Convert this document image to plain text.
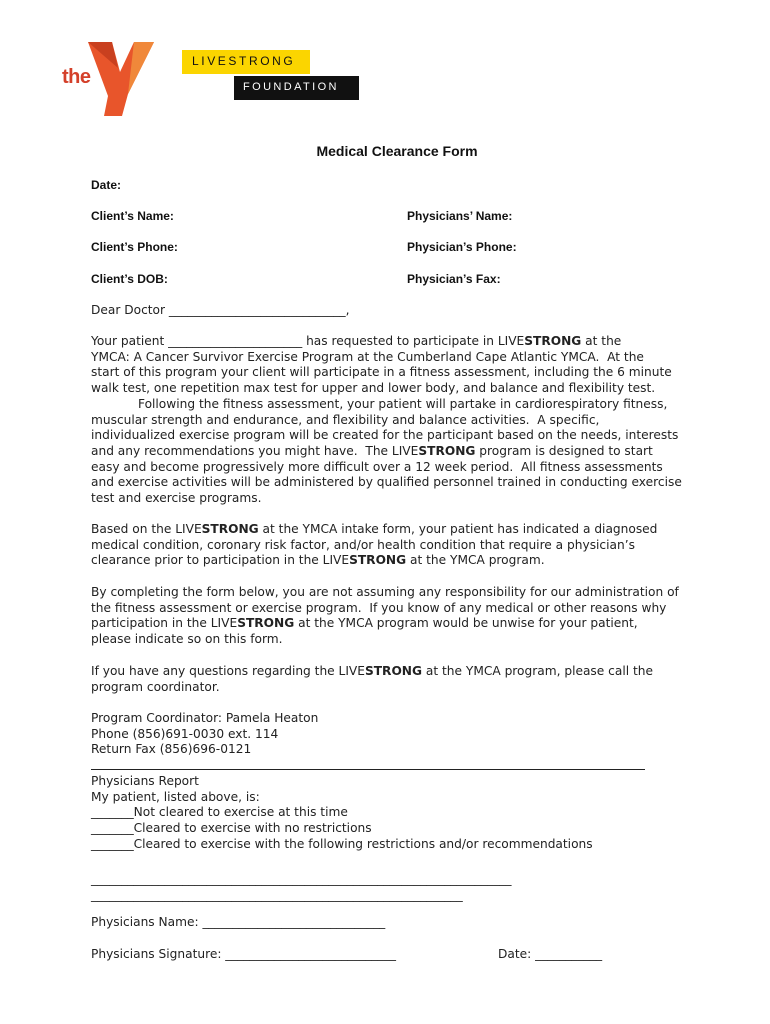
the
LIVESTRONG
FOUNDATION
Medical Clearance Form
Date:
Client’s Name:	Physicians’ Name:
Client’s Phone:	Physician’s Phone:
Client’s DOB:	Physician’s Fax:
Dear Doctor _____________________________,
Your patient ______________________ has requested to participate in LIVESTRONG at the
YMCA: A Cancer Survivor Exercise Program at the Cumberland Cape Atlantic YMCA.  At the
start of this program your client will participate in a fitness assessment, including the 6 minute
walk test, one repetition max test for upper and lower body, and balance and flexibility test.
Following the fitness assessment, your patient will partake in cardiorespiratory fitness,
muscular strength and endurance, and flexibility and balance activities.  A specific,
individualized exercise program will be created for the participant based on the needs, interests
and any recommendations you might have.  The LIVESTRONG program is designed to start
easy and become progressively more difficult over a 12 week period.  All fitness assessments
and exercise activities will be administered by qualified personnel trained in conducting exercise
test and exercise programs.
Based on the LIVESTRONG at the YMCA intake form, your patient has indicated a diagnosed
medical condition, coronary risk factor, and/or health condition that require a physician’s
clearance prior to participation in the LIVESTRONG at the YMCA program.
By completing the form below, you are not assuming any responsibility for our administration of
the fitness assessment or exercise program.  If you know of any medical or other reasons why
participation in the LIVESTRONG at the YMCA program would be unwise for your patient,
please indicate so on this form.
If you have any questions regarding the LIVESTRONG at the YMCA program, please call the
program coordinator.
Program Coordinator: Pamela Heaton
Phone (856)691-0030 ext. 114
Return Fax (856)696-0121
Physicians Report
My patient, listed above, is:
_______Not cleared to exercise at this time
_______Cleared to exercise with no restrictions
_______Cleared to exercise with the following restrictions and/or recommendations
_____________________________________________________________________
_____________________________________________________________
Physicians Name: ______________________________
Physicians Signature: ____________________________	Date: ___________
